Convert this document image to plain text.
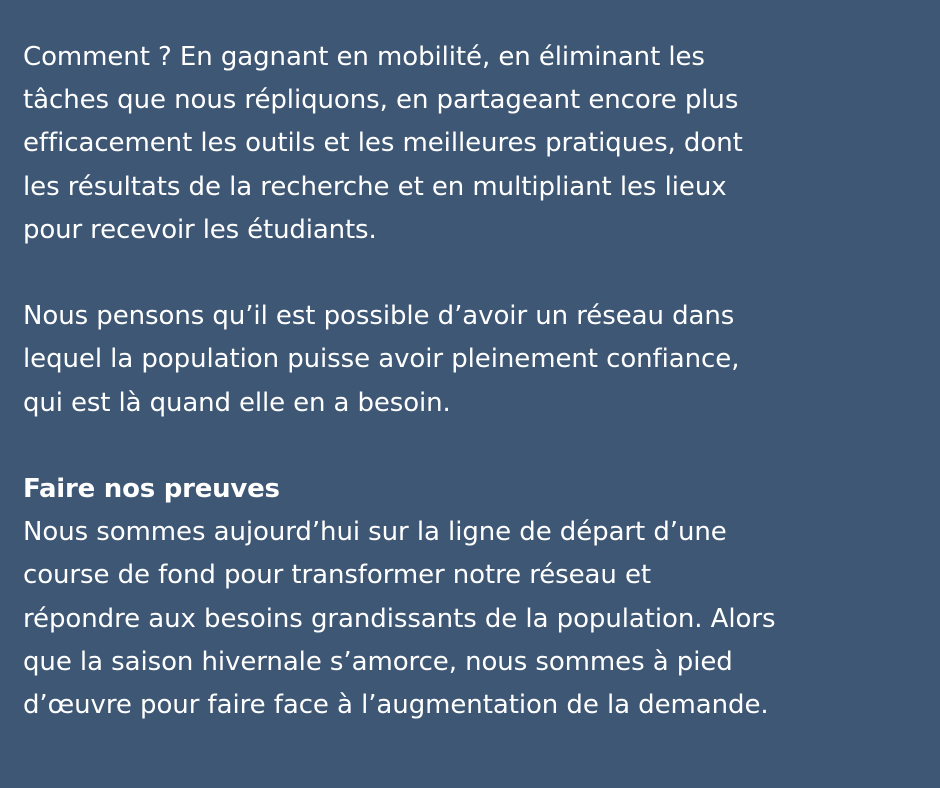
Comment ? En gagnant en mobilité, en éliminant les
tâches que nous répliquons, en partageant encore plus
efficacement les outils et les meilleures pratiques, dont
les résultats de la recherche et en multipliant les lieux
pour recevoir les étudiants.

Nous pensons qu’il est possible d’avoir un réseau dans
lequel la population puisse avoir pleinement confiance,
qui est là quand elle en a besoin.

Faire nos preuves
Nous sommes aujourd’hui sur la ligne de départ d’une
course de fond pour transformer notre réseau et
répondre aux besoins grandissants de la population. Alors
que la saison hivernale s’amorce, nous sommes à pied
d’œuvre pour faire face à l’augmentation de la demande.
